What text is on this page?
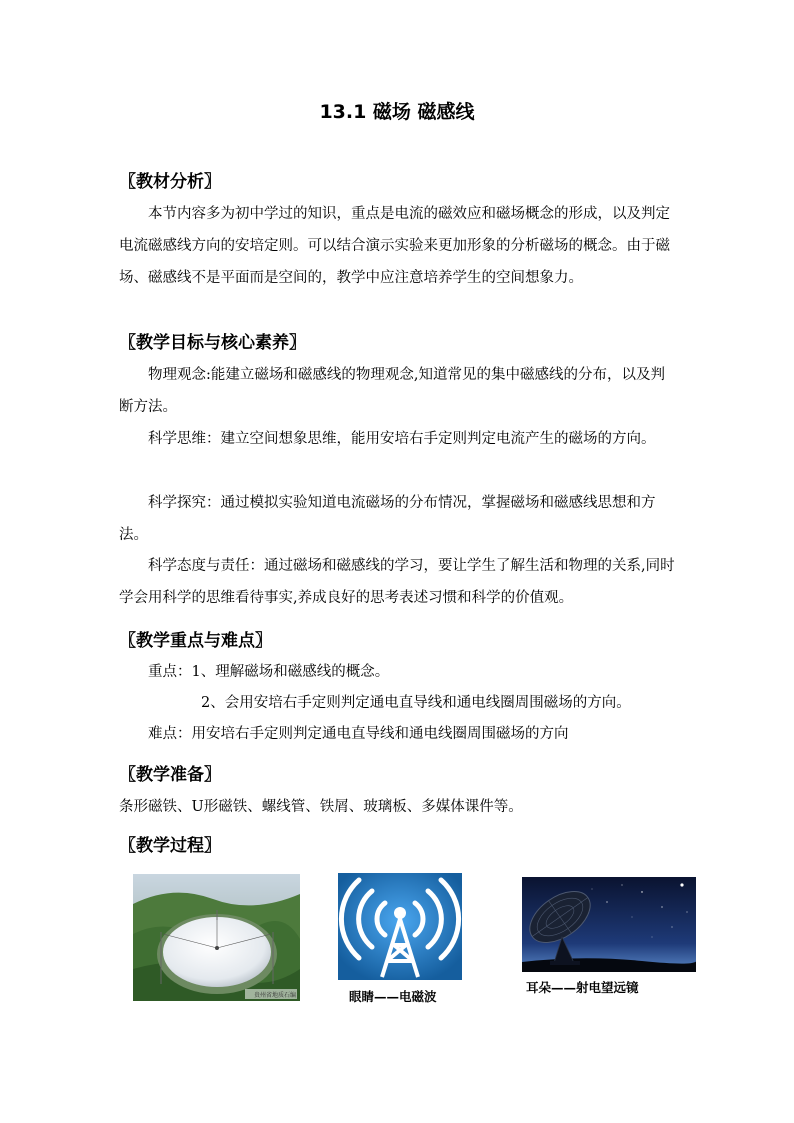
13.1 磁场 磁感线
〖教材分析〗

本节内容多为初中学过的知识，重点是电流的磁效应和磁场概念的形成，以及判定电流磁感线方向的安培定则。可以结合演示实验来更加形象的分析磁场的概念。由于磁场、磁感线不是平面而是空间的，教学中应注意培养学生的空间想象力。

〖教学目标与核心素养〗

物理观念:能建立磁场和磁感线的物理观念,知道常见的集中磁感线的分布，以及判断方法。

科学思维：建立空间想象思维，能用安培右手定则判定电流产生的磁场的方向。

科学探究：通过模拟实验知道电流磁场的分布情况，掌握磁场和磁感线思想和方法。

科学态度与责任：通过磁场和磁感线的学习，要让学生了解生活和物理的关系,同时学会用科学的思维看待事实,养成良好的思考表述习惯和科学的价值观。

〖教学重点与难点〗
重点：1、理解磁场和磁感线的概念。
2、会用安培右手定则判定通电直导线和通电线圈周围磁场的方向。
难点：用安培右手定则判定通电直导线和通电线圈周围磁场的方向
〖教学准备〗
条形磁铁、U形磁铁、螺线管、铁屑、玻璃板、多媒体课件等。
〖教学过程〗
贵州省地质石编	眼睛——电磁波
耳朵——射电望远镜
